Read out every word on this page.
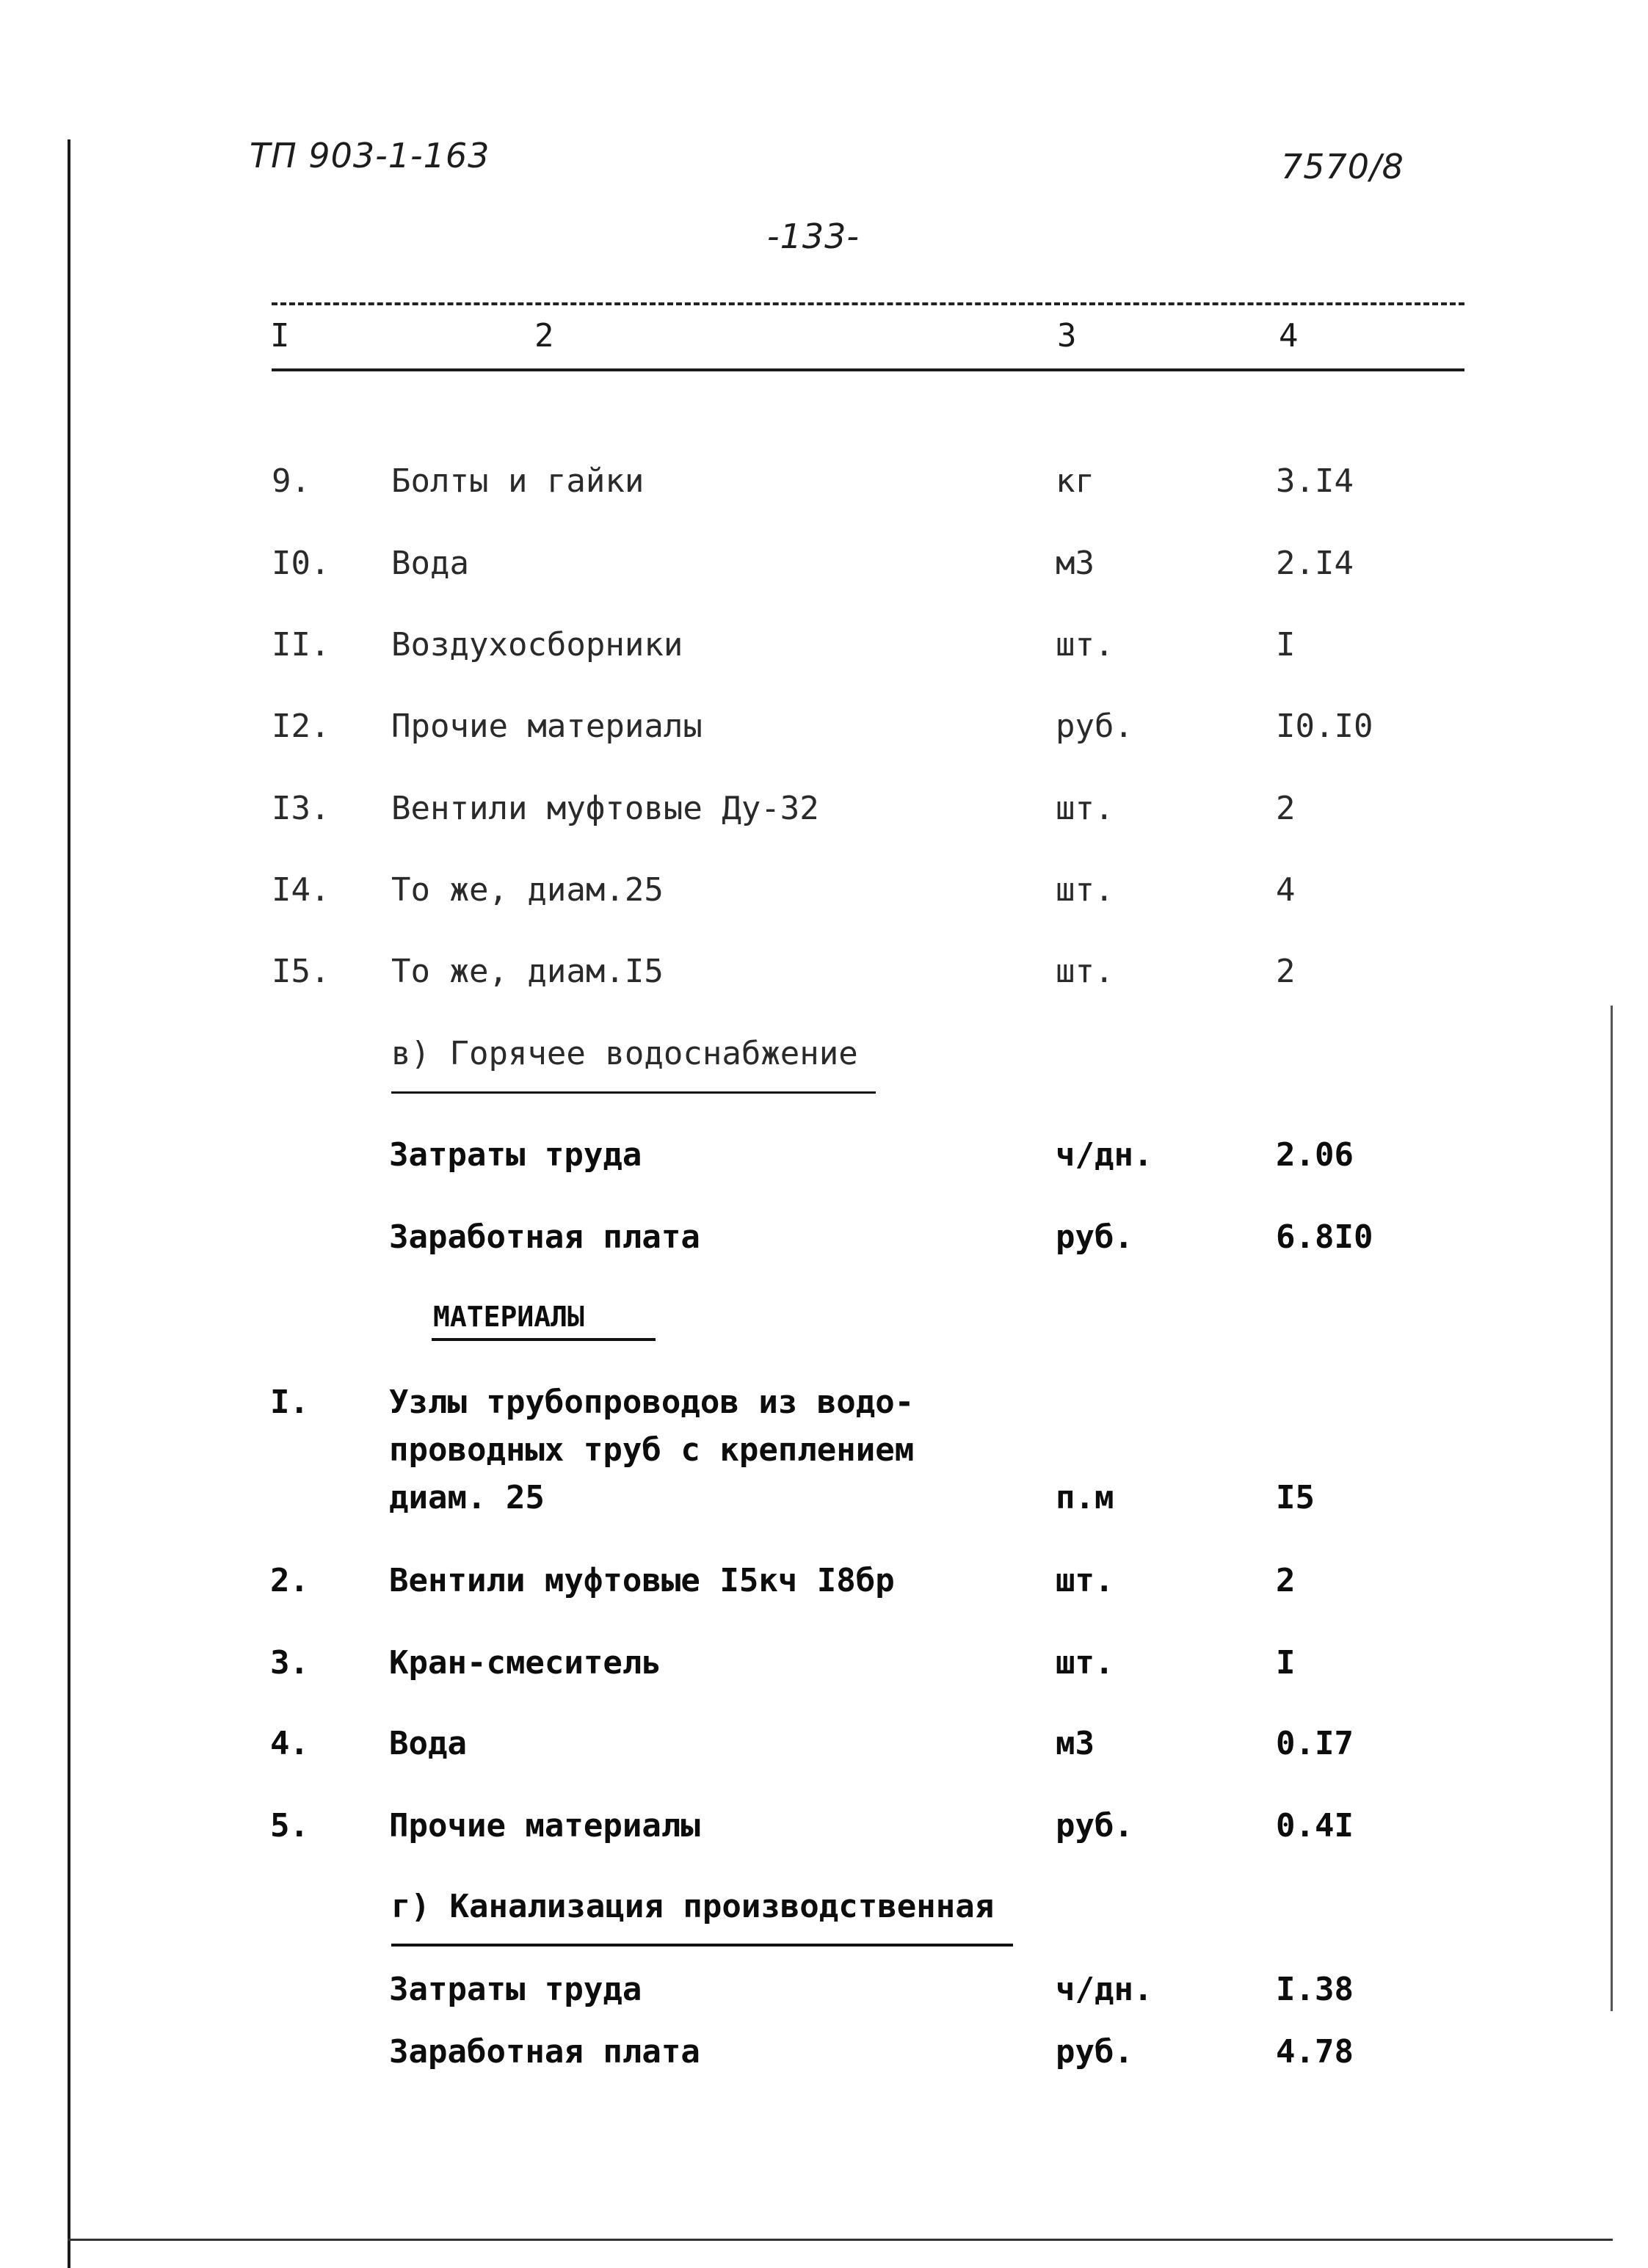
ТП 903-1-163	7570/8
-133-
I	2	3	4
9.	Болты и гайки	кг	3.I4
I0. Вода	м3	2.I4
II. Воздухосборники	шт.	I
I2. Прочие материалы	руб.	I0.I0
I3. Вентили муфтовые Ду-32	шт.	2
I4. То же, диам.25	шт.	4
I5. То же, диам.I5	шт.	2
в) Горячее водоснабжение
Затраты труда	ч/дн.	2.06
Заработная плата	руб.	6.8I0
МАТЕРИАЛЫ
I. Узлы трубопроводов из водо-
проводных труб с креплением
диам. 25	п.м	I5
2. Вентили муфтовые I5кч I8бр	шт.	2
3. Кран-смеситель	шт.	I
4. Вода	м3	0.I7
5. Прочие материалы	руб.	0.4I
г) Канализация производственная
Затраты труда	ч/дн.	I.38
Заработная плата	руб.	4.78
